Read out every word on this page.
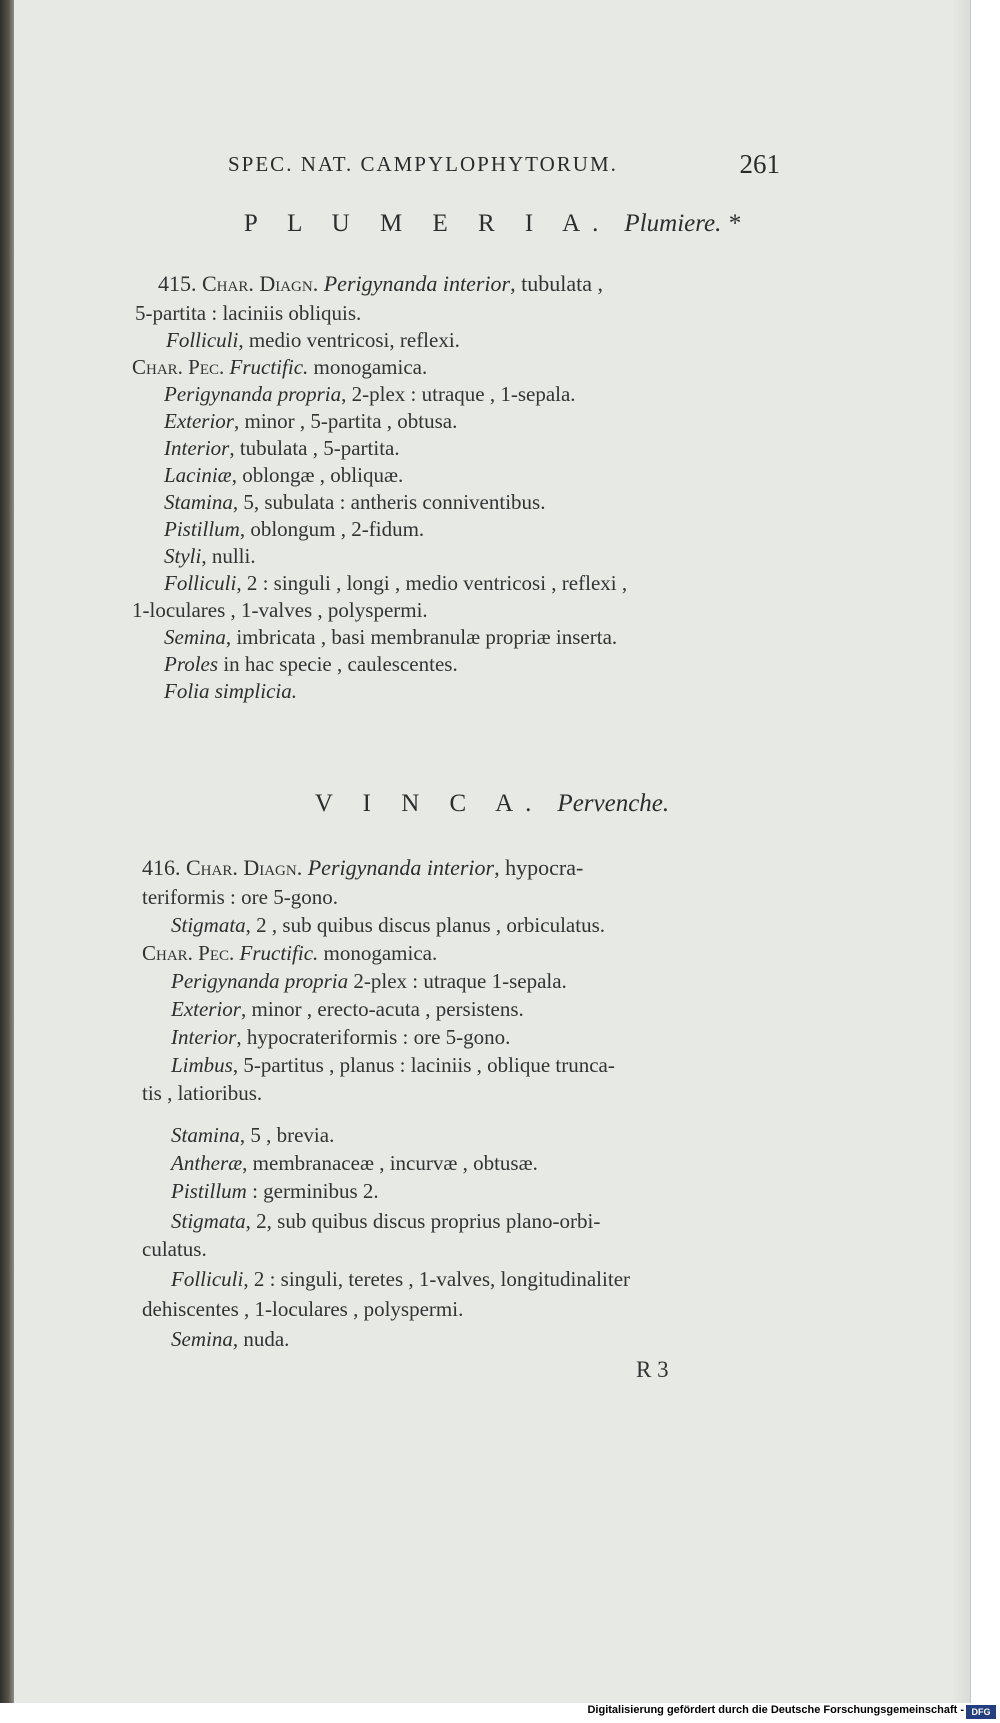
SPEC. NAT. CAMPYLOPHYTORUM.	261
P L U M E R I A. Plumiere. *
415. Char. Diagn. Perigynanda interior, tubulata ,
5-partita : laciniis obliquis.
Folliculi, medio ventricosi, reflexi.
Char. Pec. Fructific. monogamica.
Perigynanda propria, 2-plex : utraque , 1-sepala.
Exterior, minor , 5-partita , obtusa.
Interior, tubulata , 5-partita.
Laciniæ, oblongæ , obliquæ.
Stamina, 5, subulata : antheris conniventibus.
Pistillum, oblongum , 2-fidum.
Styli, nulli.
Folliculi, 2 : singuli , longi , medio ventricosi , reflexi ,
1-loculares , 1-valves , polyspermi.
Semina, imbricata , basi membranulæ propriæ inserta.
Proles in hac specie , caulescentes.
Folia simplicia.
V I N C A. Pervenche.
416. Char. Diagn. Perigynanda interior, hypocra-
teriformis : ore 5-gono.
Stigmata, 2 , sub quibus discus planus , orbiculatus.
Char. Pec. Fructific. monogamica.
Perigynanda propria 2-plex : utraque 1-sepala.
Exterior, minor , erecto-acuta , persistens.
Interior, hypocrateriformis : ore 5-gono.
Limbus, 5-partitus , planus : laciniis , oblique trunca-
tis , latioribus.
Stamina, 5 , brevia.
Antheræ, membranaceæ , incurvæ , obtusæ.
Pistillum : germinibus 2.
Stigmata, 2, sub quibus discus proprius plano-orbi-
culatus.
Folliculi, 2 : singuli, teretes , 1-valves, longitudinaliter
dehiscentes , 1-loculares , polyspermi.
Semina, nuda.
R 3
Digitalisierung gefördert durch die Deutsche Forschungsgemeinschaft - DFG
